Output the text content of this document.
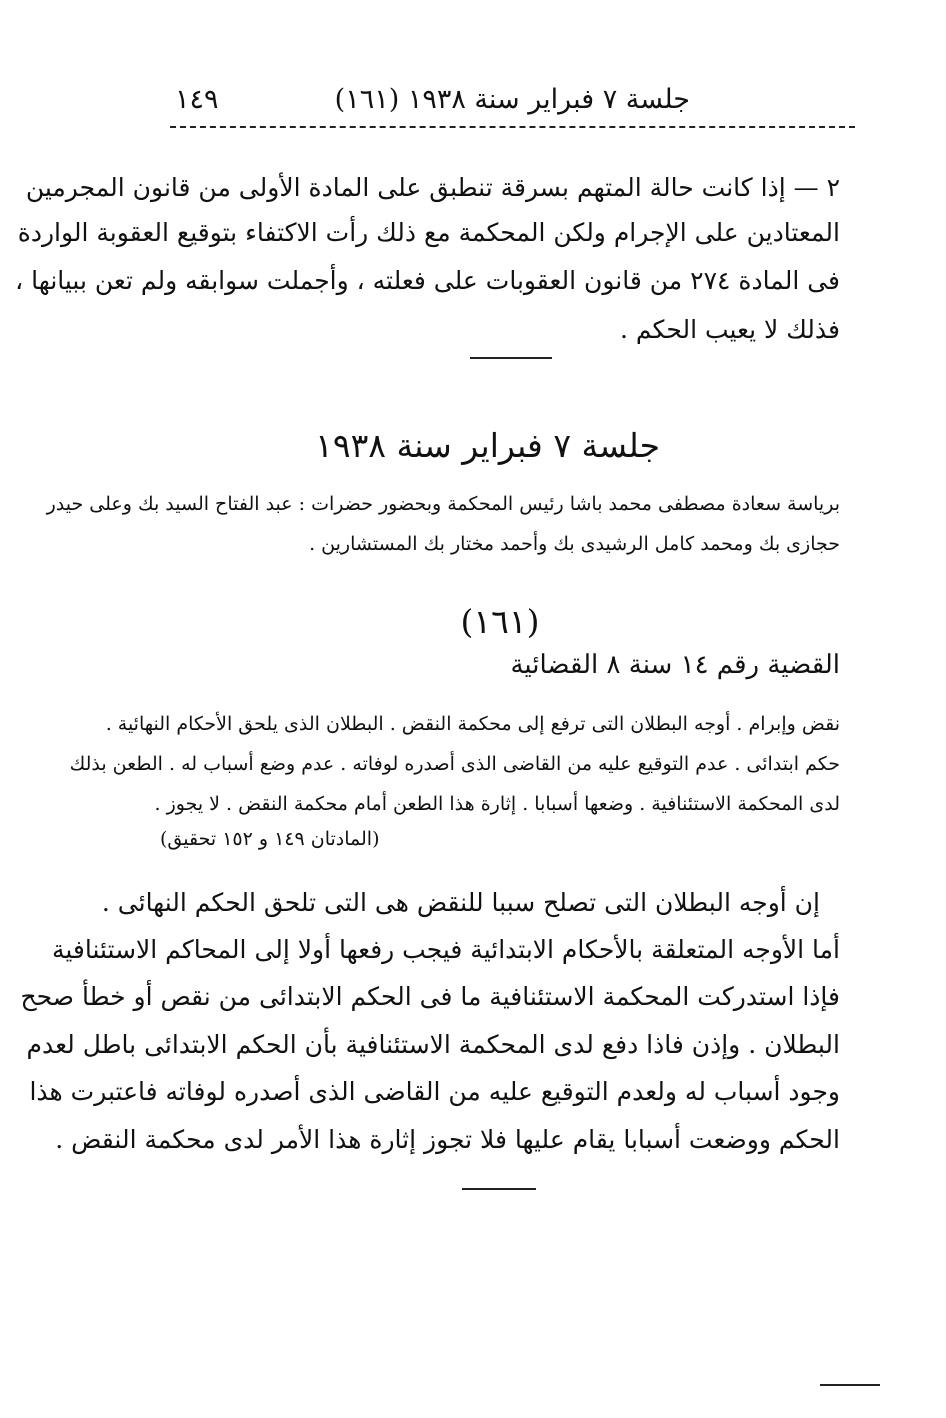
جلسة ٧ فبراير سنة ١٩٣٨ (١٦١)
١٤٩
٢ — إذا كانت حالة المتهم بسرقة تنطبق على المادة الأولى من قانون المجرمين
المعتادين على الإجرام ولكن المحكمة مع ذلك رأت الاكتفاء بتوقيع العقوبة الواردة
فى المادة ٢٧٤ من قانون العقوبات على فعلته ، وأجملت سوابقه ولم تعن ببيانها ،
فذلك لا يعيب الحكم .
جلسة ٧ فبراير سنة ١٩٣٨
برياسة سعادة مصطفى محمد باشا رئيس المحكمة وبحضور حضرات : عبد الفتاح السيد بك وعلى حيدر
حجازى بك ومحمد كامل الرشيدى بك وأحمد مختار بك المستشارين .
(١٦١)
القضية رقم ١٤ سنة ٨ القضائية
نقض وإبرام . أوجه البطلان التى ترفع إلى محكمة النقض . البطلان الذى يلحق الأحكام النهائية .
حكم ابتدائى . عدم التوقيع عليه من القاضى الذى أصدره لوفاته . عدم وضع أسباب له . الطعن بذلك
لدى المحكمة الاستئنافية . وضعها أسبابا . إثارة هذا الطعن أمام محكمة النقض . لا يجوز .
(المادتان ١٤٩ و ١٥٢ تحقيق)
إن أوجه البطلان التى تصلح سببا للنقض هى التى تلحق الحكم النهائى .
أما الأوجه المتعلقة بالأحكام الابتدائية فيجب رفعها أولا إلى المحاكم الاستئنافية
فإذا استدركت المحكمة الاستئنافية ما فى الحكم الابتدائى من نقص أو خطأ صحح
البطلان . وإذن فاذا دفع لدى المحكمة الاستئنافية بأن الحكم الابتدائى باطل لعدم
وجود أسباب له ولعدم التوقيع عليه من القاضى الذى أصدره لوفاته فاعتبرت هذا
الحكم ووضعت أسبابا يقام عليها فلا تجوز إثارة هذا الأمر لدى محكمة النقض .
